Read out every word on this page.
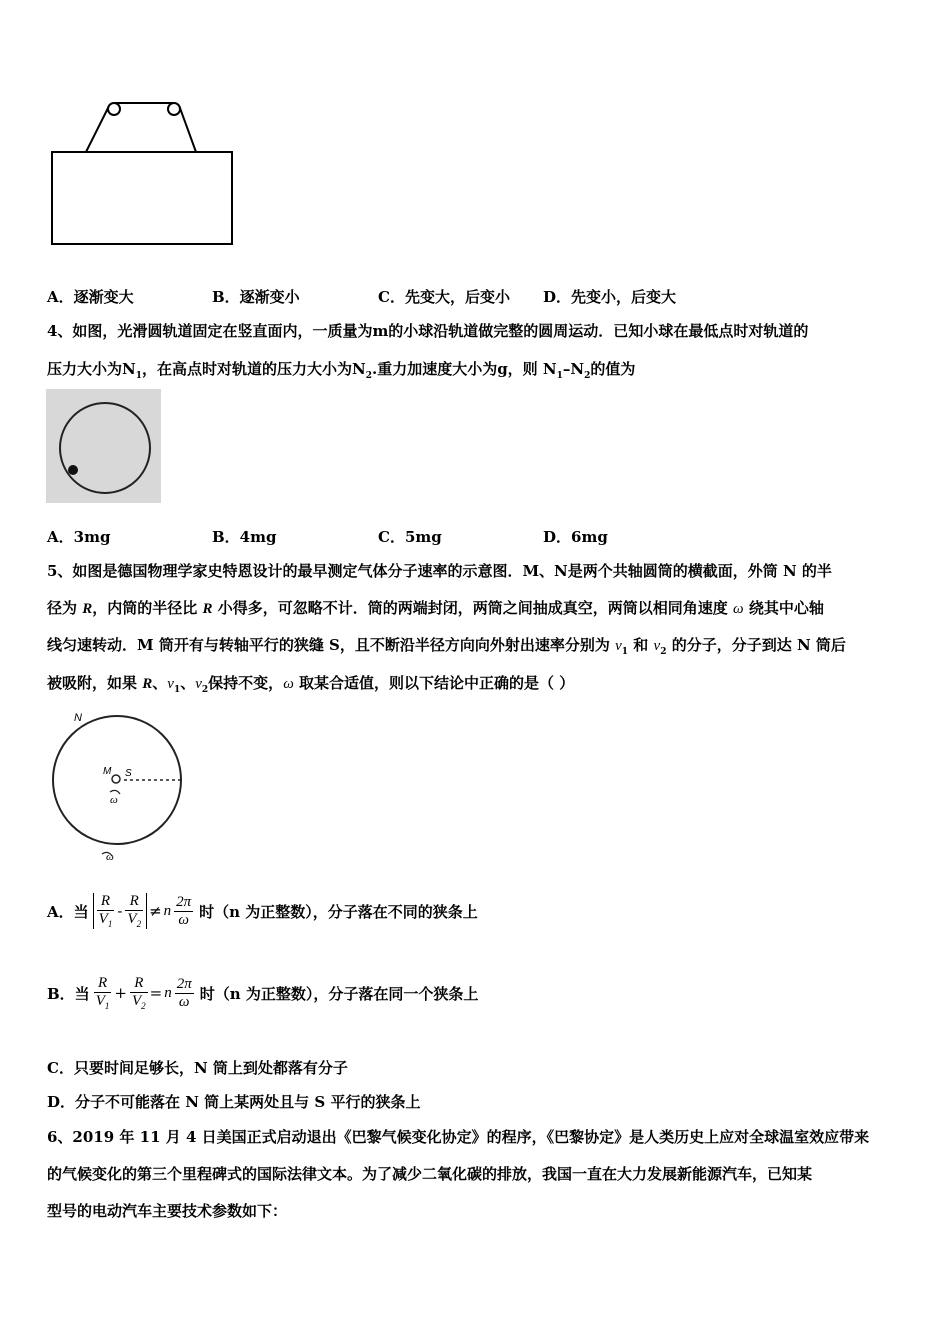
A．逐渐变大	B．逐渐变小	C．先变大，后变小 D．先变小，后变大
4、如图，光滑圆轨道固定在竖直面内，一质量为m的小球沿轨道做完整的圆周运动．已知小球在最低点时对轨道的
压力大小为$N_1$，在高点时对轨道的压力大小为$N_2$.重力加速度大小为g，则 $N_1-N_2$的值为
A．3mg	B．4mg	C．5mg	D．6mg
5、如图是德国物理学家史特恩设计的最早测定气体分子速率的示意图．M、N是两个共轴圆筒的横截面，外筒 N 的半
径为 R，内筒的半径比 R 小得多，可忽略不计．筒的两端封闭，两筒之间抽成真空，两筒以相同角速度 ω 绕其中心轴
线匀速转动．M 筒开有与转轴平行的狭缝 S，且不断沿半径方向向外射出速率分别为 $v_1$ 和 $v_2$ 的分子，分子到达 N 筒后
被吸附，如果 R、$v_1$、$v_2$保持不变，ω 取某合适值，则以下结论中正确的是（ ）
N
M S
ω
ω
A．当 $\frac{R}{V_1} - \frac{R}{V_2} \ne n \frac{2\pi}{\omega}$ 时（n 为正整数），分子落在不同的狭条上
B．当 $\frac{R}{V_1} + \frac{R}{V_2} = n \frac{2\pi}{\omega}$ 时（n 为正整数），分子落在同一个狭条上
C．只要时间足够长，N 筒上到处都落有分子
D．分子不可能落在 N 筒上某两处且与 S 平行的狭条上
6、2019 年 11 月 4 日美国正式启动退出《巴黎气候变化协定》的程序，《巴黎协定》是人类历史上应对全球温室效应带来
的气候变化的第三个里程碑式的国际法律文本。为了减少二氧化碳的排放，我国一直在大力发展新能源汽车，已知某
型号的电动汽车主要技术参数如下：
